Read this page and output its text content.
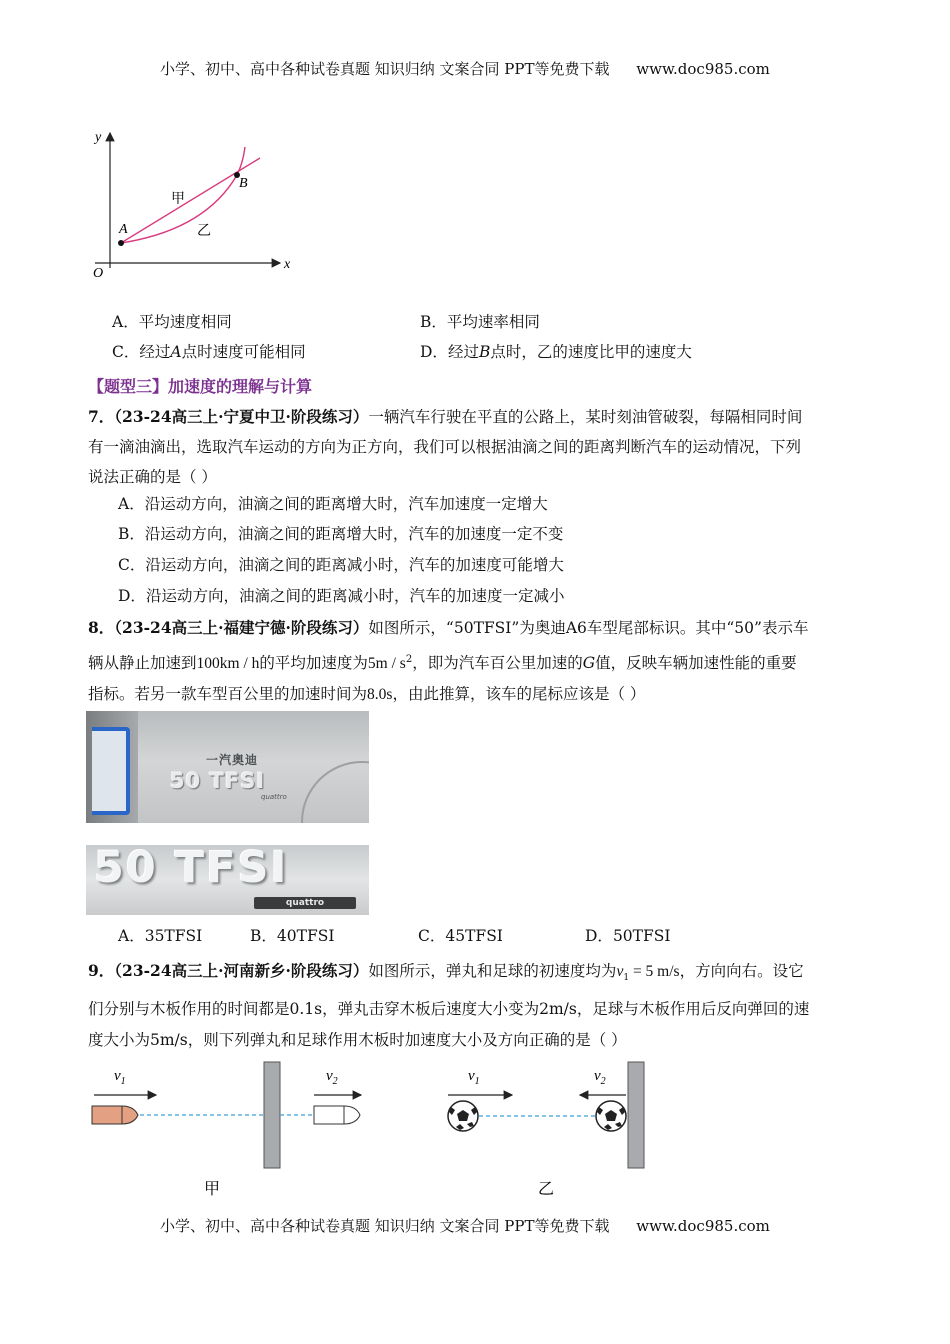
小学、初中、高中各种试卷真题 知识归纳 文案合同 PPT等免费下载 www.doc985.com
y
x
O
A
B
甲
乙
A．平均速度相同	B．平均速率相同
C．经过A点时速度可能相同	D．经过B点时，乙的速度比甲的速度大
【题型三】加速度的理解与计算
7．（23-24高三上·宁夏中卫·阶段练习）一辆汽车行驶在平直的公路上，某时刻油管破裂，每隔相同时间
有一滴油滴出，选取汽车运动的方向为正方向，我们可以根据油滴之间的距离判断汽车的运动情况，下列
说法正确的是（ ）
A．沿运动方向，油滴之间的距离增大时，汽车加速度一定增大
B．沿运动方向，油滴之间的距离增大时，汽车的加速度一定不变
C．沿运动方向，油滴之间的距离减小时，汽车的加速度可能增大
D．沿运动方向，油滴之间的距离减小时，汽车的加速度一定减小
8．（23-24高三上·福建宁德·阶段练习）如图所示，“50TFSI”为奥迪A6车型尾部标识。其中“50”表示车
辆从静止加速到100km / h的平均加速度为$5m / s^2$，即为汽车百公里加速的G值，反映车辆加速性能的重要
指标。若另一款车型百公里的加速时间为8.0s，由此推算，该车的尾标应该是（ ）
一汽奥迪
50 TFSI
quattro
50 TFSI
quattro
A．35TFSI	B．40TFSI	C．45TFSI	D．50TFSI
9．（23-24高三上·河南新乡·阶段练习）如图所示，弹丸和足球的初速度均为$v_1 = 5$ m/s，方向向右。设它
们分别与木板作用的时间都是0.1s，弹丸击穿木板后速度大小变为2m/s，足球与木板作用后反向弹回的速
度大小为5m/s，则下列弹丸和足球作用木板时加速度大小及方向正确的是（ ）
$v_1$	$v_2$
甲
$v_1$	$v_2$
乙
小学、初中、高中各种试卷真题 知识归纳 文案合同 PPT等免费下载 www.doc985.com
